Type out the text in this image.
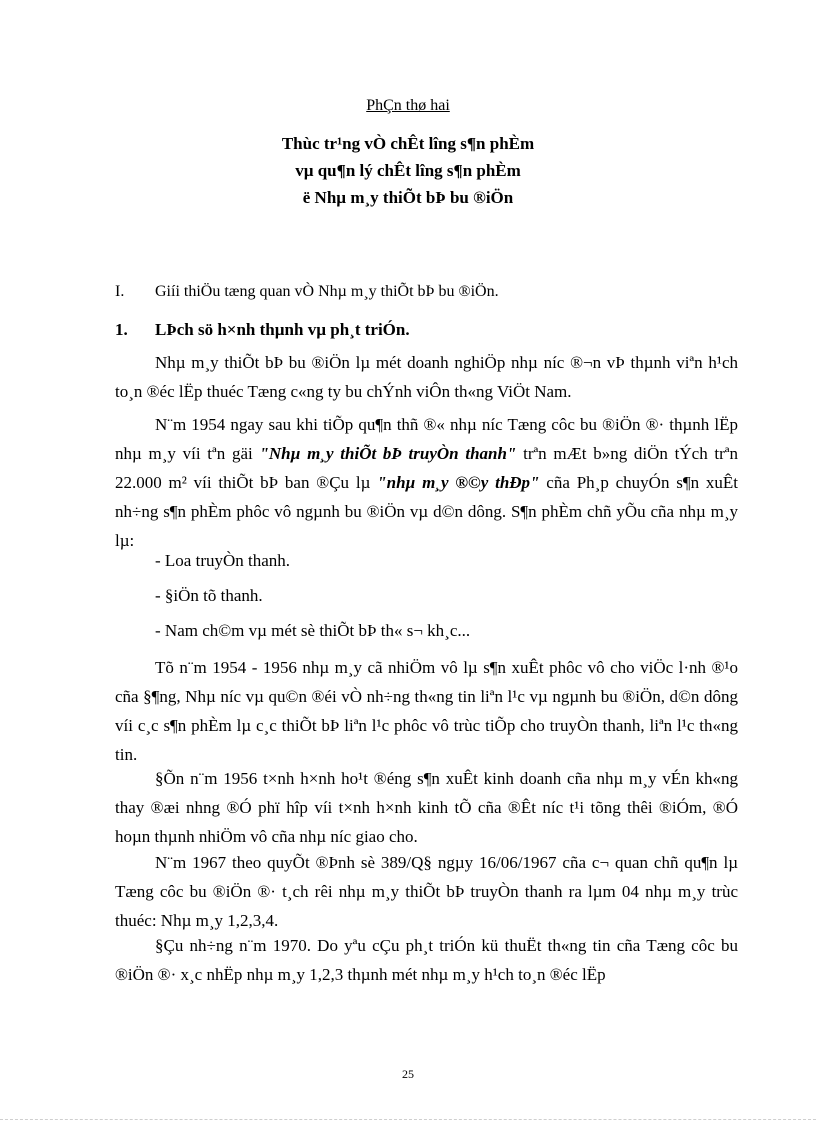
PhÇn thø hai
Thùc tr¹ng vÒ chÊt lîng s¶n phÈm
vµ qu¶n lý chÊt lîng s¶n phÈm
ë Nhµ m¸y thiÕt bÞ bu ®iÖn
I. Giíi thiÖu tæng quan vÒ Nhµ m¸y thiÕt bÞ bu ®iÖn.
1. LÞch sö h×nh thµnh vµ ph¸t triÓn.

Nhµ m¸y thiÕt bÞ bu ®iÖn lµ mét doanh nghiÖp nhµ níc ®¬n vÞ thµnh viªn h¹ch to¸n ®éc lËp thuéc Tæng c«ng ty bu chÝnh viÔn th«ng ViÖt Nam.

N¨m 1954 ngay sau khi tiÕp qu¶n thñ ®« nhµ níc Tæng côc bu ®iÖn ®· thµnh lËp nhµ m¸y víi tªn gäi "Nhµ m¸y thiÕt bÞ truyÒn thanh" trªn mÆt b»ng diÖn tÝch trªn 22.000 m² víi thiÕt bÞ ban ®Çu lµ "nhµ m¸y ®©y thÐp" cña Ph¸p chuyÓn s¶n xuÊt nh÷ng s¶n phÈm phôc vô ngµnh bu ®iÖn vµ d©n dông. S¶n phÈm chñ yÕu cña nhµ m¸y lµ:

- Loa truyÒn thanh.
- §iÖn tõ thanh.
- Nam ch©m vµ mét sè thiÕt bÞ th« s¬ kh¸c...

Tõ n¨m 1954 - 1956 nhµ m¸y cã nhiÖm vô lµ s¶n xuÊt phôc vô cho viÖc l·nh ®¹o cña §¶ng, Nhµ níc vµ qu©n ®éi vÒ nh÷ng th«ng tin liªn l¹c vµ ngµnh bu ®iÖn, d©n dông víi c¸c s¶n phÈm lµ c¸c thiÕt bÞ liªn l¹c phôc vô trùc tiÕp cho truyÒn thanh, liªn l¹c th«ng tin.

§Õn n¨m 1956 t×nh h×nh ho¹t ®éng s¶n xuÊt kinh doanh cña nhµ m¸y vÉn kh«ng thay ®æi nhng ®Ó phï hîp víi t×nh h×nh kinh tÕ cña ®Êt níc t¹i tõng thêi ®iÓm, ®Ó hoµn thµnh nhiÖm vô cña nhµ níc giao cho.

N¨m 1967 theo quyÕt ®Þnh sè 389/Q§ ngµy 16/06/1967 cña c¬ quan chñ qu¶n lµ Tæng côc bu ®iÖn ®· t¸ch rêi nhµ m¸y thiÕt bÞ truyÒn thanh ra lµm 04 nhµ m¸y trùc thuéc: Nhµ m¸y 1,2,3,4.

§Çu nh÷ng n¨m 1970. Do yªu cÇu ph¸t triÓn kü thuËt th«ng tin cña Tæng côc bu ®iÖn ®· x¸c nhËp nhµ m¸y 1,2,3 thµnh mét nhµ m¸y h¹ch to¸n ®éc lËp

25
